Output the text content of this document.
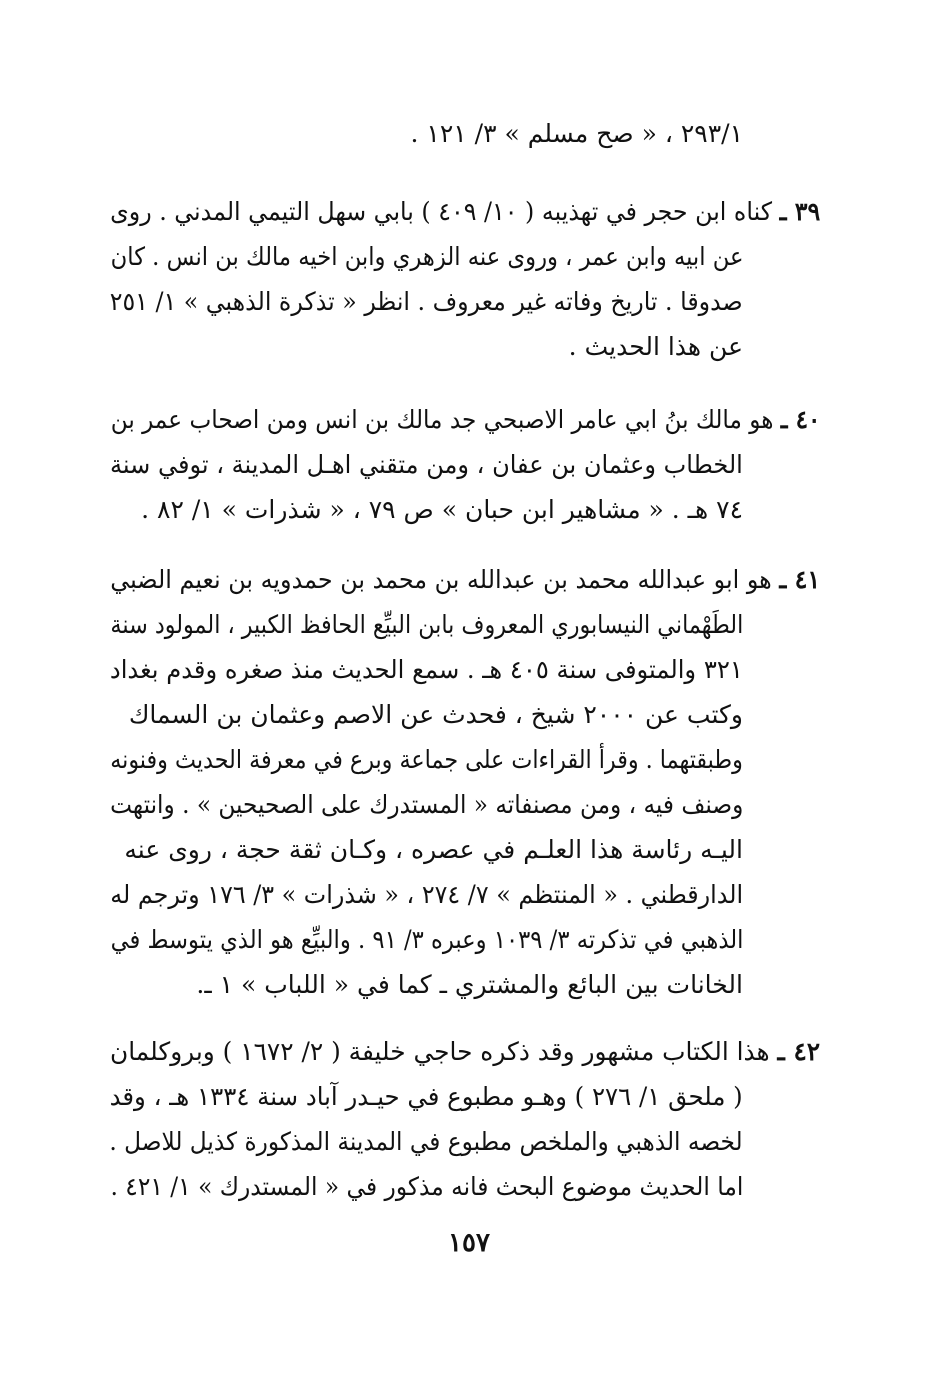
٢٩٣/١ ، « صح مسلم » ٣/ ١٢١ .
٣٩ ـ كناه ابن حجر في تهذيبه ( ١٠/ ٤٠٩ ) بابي سهل التيمي المدني . روى
عن ابيه وابن عمر ، وروى عنه الزهري وابن اخيه مالك بن انس . كان
صدوقا . تاريخ وفاته غير معروف . انظر « تذكرة الذهبي » ١/ ٢٥١
عن هذا الحديث .
٤٠ ـ هو مالك بنُ ابي عامر الاصبحي جد مالك بن انس ومن اصحاب عمر بن
الخطاب وعثمان بن عفان ، ومن متقني اهـل المدينة ، توفي سنة
٧٤ هـ . « مشاهير ابن حبان » ص ٧٩ ، « شذرات » ١/ ٨٢ .
٤١ ـ هو ابو عبدالله محمد بن عبدالله بن محمد بن حمدويه بن نعيم الضبي
الطَهْماني النيسابوري المعروف بابن البيِّع الحافظ الكبير ، المولود سنة
٣٢١ والمتوفى سنة ٤٠٥ هـ . سمع الحديث منذ صغره وقدم بغداد
وكتب عن ٢٠٠٠ شيخ ، فحدث عن الاصم وعثمان بن السماك
وطبقتهما . وقرأ القراءات على جماعة وبرع في معرفة الحديث وفنونه
وصنف فيه ، ومن مصنفاته « المستدرك على الصحيحين » . وانتهت
اليـه رئاسة هذا العلـم في عصره ، وكـان ثقة حجة ، روى عنه
الدارقطني . « المنتظم » ٧/ ٢٧٤ ، « شذرات » ٣/ ١٧٦ وترجم له
الذهبي في تذكرته ٣/ ١٠٣٩ وعبره ٣/ ٩١ . والبيِّع هو الذي يتوسط في
الخانات بين البائع والمشتري ـ كما في « اللباب » ١ ـ.
٤٢ ـ هذا الكتاب مشهور وقد ذكره حاجي خليفة ( ٢/ ١٦٧٢ ) وبروكلمان
( ملحق ١/ ٢٧٦ ) وهـو مطبوع في حيـدر آباد سنة ١٣٣٤ هـ ، وقد
لخصه الذهبي والملخص مطبوع في المدينة المذكورة كذيل للاصل .
اما الحديث موضوع البحث فانه مذكور في « المستدرك » ١/ ٤٢١ .
١٥٧
